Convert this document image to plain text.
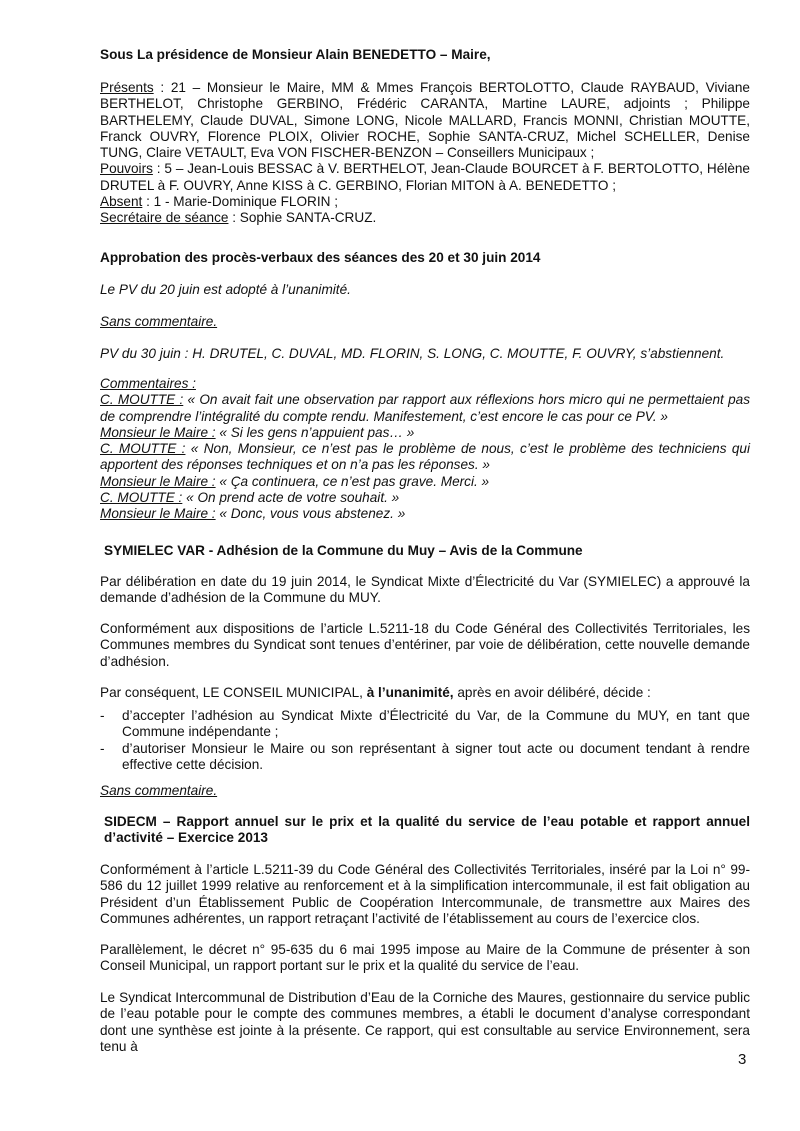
Sous La présidence de Monsieur Alain BENEDETTO – Maire,

Présents : 21 – Monsieur le Maire, MM & Mmes François BERTOLOTTO, Claude RAYBAUD, Viviane BERTHELOT, Christophe GERBINO, Frédéric CARANTA, Martine LAURE, adjoints ; Philippe BARTHELEMY, Claude DUVAL, Simone LONG, Nicole MALLARD, Francis MONNI, Christian MOUTTE, Franck OUVRY, Florence PLOIX, Olivier ROCHE, Sophie SANTA-CRUZ, Michel SCHELLER, Denise TUNG, Claire VETAULT, Eva VON FISCHER-BENZON – Conseillers Municipaux ;

Pouvoirs : 5 – Jean-Louis BESSAC à V. BERTHELOT, Jean-Claude BOURCET à F. BERTOLOTTO, Hélène DRUTEL à F. OUVRY, Anne KISS à C. GERBINO, Florian MITON à A. BENEDETTO ;

Absent : 1 - Marie-Dominique FLORIN ;

Secrétaire de séance : Sophie SANTA-CRUZ.

Approbation des procès-verbaux des séances des 20 et 30 juin 2014

Le PV du 20 juin est adopté à l’unanimité.

Sans commentaire.

PV du 30 juin : H. DRUTEL, C. DUVAL, MD. FLORIN, S. LONG, C. MOUTTE, F. OUVRY, s’abstiennent.

Commentaires :

C. MOUTTE : « On avait fait une observation par rapport aux réflexions hors micro qui ne permettaient pas de comprendre l’intégralité du compte rendu. Manifestement, c’est encore le cas pour ce PV. »

Monsieur le Maire : « Si les gens n’appuient pas… »

C. MOUTTE : « Non, Monsieur, ce n’est pas le problème de nous, c’est le problème des techniciens qui apportent des réponses techniques et on n’a pas les réponses. »

Monsieur le Maire : « Ça continuera, ce n’est pas grave. Merci. »

C. MOUTTE : « On prend acte de votre souhait. »

Monsieur le Maire : « Donc, vous vous abstenez. »

SYMIELEC VAR - Adhésion de la Commune du Muy – Avis de la Commune

Par délibération en date du 19 juin 2014, le Syndicat Mixte d’Électricité du Var (SYMIELEC) a approuvé la demande d’adhésion de la Commune du MUY.

Conformément aux dispositions de l’article L.5211-18 du Code Général des Collectivités Territoriales, les Communes membres du Syndicat sont tenues d’entériner, par voie de délibération, cette nouvelle demande d’adhésion.

Par conséquent, LE CONSEIL MUNICIPAL, à l’unanimité, après en avoir délibéré, décide :

- d’accepter l’adhésion au Syndicat Mixte d’Électricité du Var, de la Commune du MUY, en tant que Commune indépendante ;
- d’autoriser Monsieur le Maire ou son représentant à signer tout acte ou document tendant à rendre effective cette décision.

Sans commentaire.

SIDECM – Rapport annuel sur le prix et la qualité du service de l’eau potable et rapport annuel d’activité – Exercice 2013

Conformément à l’article L.5211-39 du Code Général des Collectivités Territoriales, inséré par la Loi n° 99-586 du 12 juillet 1999 relative au renforcement et à la simplification intercommunale, il est fait obligation au Président d’un Établissement Public de Coopération Intercommunale, de transmettre aux Maires des Communes adhérentes, un rapport retraçant l’activité de l’établissement au cours de l’exercice clos.

Parallèlement, le décret n° 95-635 du 6 mai 1995 impose au Maire de la Commune de présenter à son Conseil Municipal, un rapport portant sur le prix et la qualité du service de l’eau.

Le Syndicat Intercommunal de Distribution d’Eau de la Corniche des Maures, gestionnaire du service public de l’eau potable pour le compte des communes membres, a établi le document d’analyse correspondant dont une synthèse est jointe à la présente. Ce rapport, qui est consultable au service Environnement, sera tenu à

3
